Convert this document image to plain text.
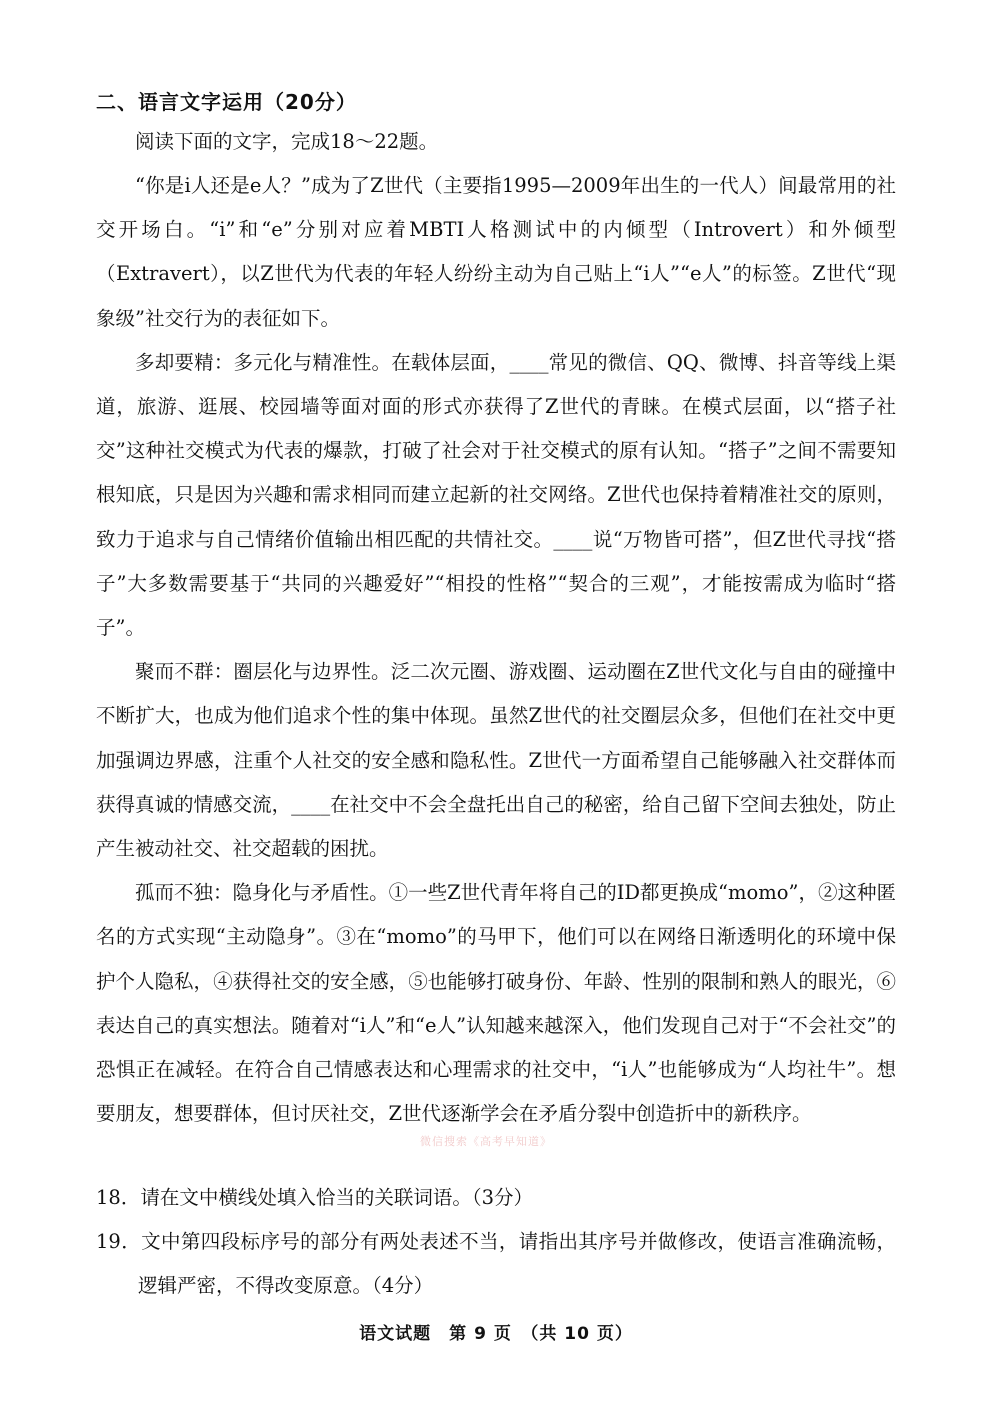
二、语言文字运用（20分）

阅读下面的文字，完成18～22题。

“你是i人还是e人？”成为了Z世代（主要指1995—2009年出生的一代人）间最常用的社交开场白。“i”和“e”分别对应着MBTI人格测试中的内倾型（Introvert）和外倾型（Extravert），以Z世代为代表的年轻人纷纷主动为自己贴上“i人”“e人”的标签。Z世代“现象级”社交行为的表征如下。

多却要精：多元化与精准性。在载体层面，____常见的微信、QQ、微博、抖音等线上渠道，旅游、逛展、校园墙等面对面的形式亦获得了Z世代的青睐。在模式层面，以“搭子社交”这种社交模式为代表的爆款，打破了社会对于社交模式的原有认知。“搭子”之间不需要知根知底，只是因为兴趣和需求相同而建立起新的社交网络。Z世代也保持着精准社交的原则，致力于追求与自己情绪价值输出相匹配的共情社交。____说“万物皆可搭”，但Z世代寻找“搭子”大多数需要基于“共同的兴趣爱好”“相投的性格”“契合的三观”，才能按需成为临时“搭子”。

聚而不群：圈层化与边界性。泛二次元圈、游戏圈、运动圈在Z世代文化与自由的碰撞中不断扩大，也成为他们追求个性的集中体现。虽然Z世代的社交圈层众多，但他们在社交中更加强调边界感，注重个人社交的安全感和隐私性。Z世代一方面希望自己能够融入社交群体而获得真诚的情感交流，____在社交中不会全盘托出自己的秘密，给自己留下空间去独处，防止产生被动社交、社交超载的困扰。

孤而不独：隐身化与矛盾性。①一些Z世代青年将自己的ID都更换成“momo”，②这种匿名的方式实现“主动隐身”。③在“momo”的马甲下，他们可以在网络日渐透明化的环境中保护个人隐私，④获得社交的安全感，⑤也能够打破身份、年龄、性别的限制和熟人的眼光，⑥表达自己的真实想法。随着对“i人”和“e人”认知越来越深入，他们发现自己对于“不会社交”的恐惧正在减轻。在符合自己情感表达和心理需求的社交中，“i人”也能够成为“人均社牛”。想要朋友，想要群体，但讨厌社交，Z世代逐渐学会在矛盾分裂中创造折中的新秩序。

微信搜索《高考早知道》

18．请在文中横线处填入恰当的关联词语。（3分）

19．文中第四段标序号的部分有两处表述不当，请指出其序号并做修改，使语言准确流畅，逻辑严密，不得改变原意。（4分）

语文试题　第 9 页　（共 10 页）
